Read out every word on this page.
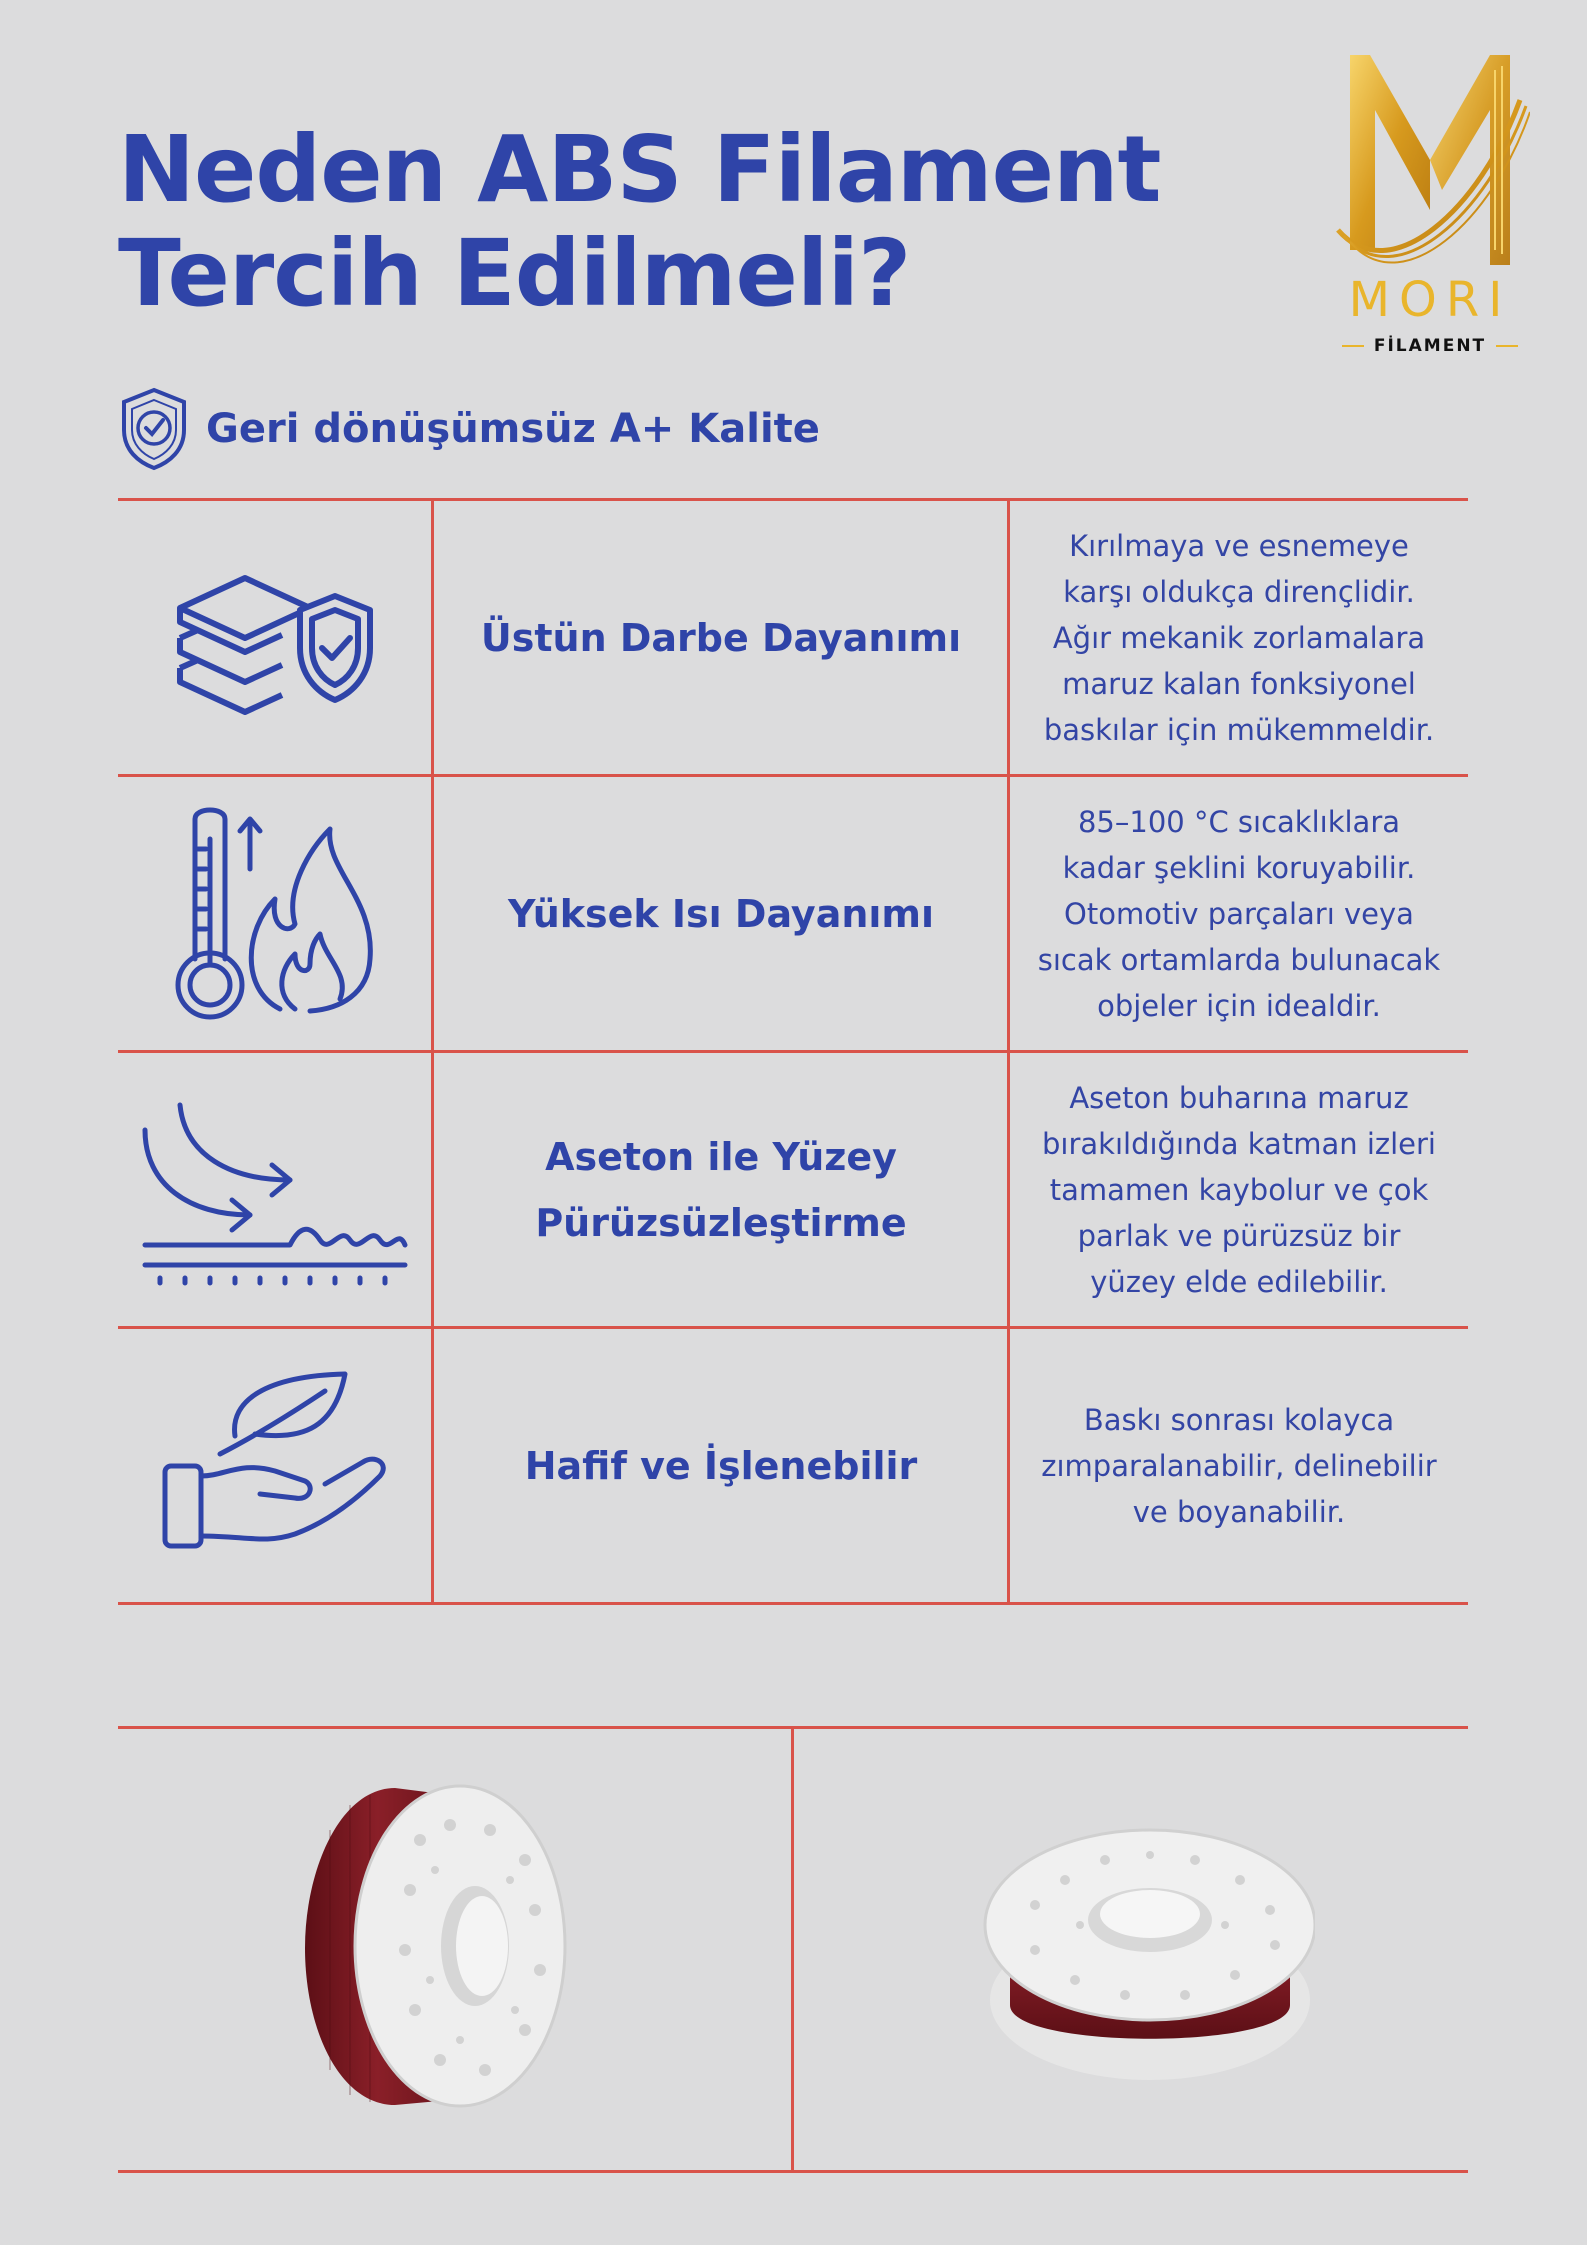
Neden ABS Filament
Tercih Edilmeli?	MORI
FİLAMENT
Geri dönüşümsüz A+ Kalite
Üstün Darbe Dayanımı
Kırılmaya ve esnemeye karşı oldukça dirençlidir. Ağır mekanik zorlamalara maruz kalan fonksiyonel baskılar için mükemmeldir.
Yüksek Isı Dayanımı
85–100 °C sıcaklıklara kadar şeklini koruyabilir. Otomotiv parçaları veya sıcak ortamlarda bulunacak objeler için idealdir.
Aseton ile Yüzey Pürüzsüzleştirme
Aseton buharına maruz bırakıldığında katman izleri tamamen kaybolur ve çok parlak ve pürüzsüz bir yüzey elde edilebilir.
Hafif ve İşlenebilir
Baskı sonrası kolayca zımparalanabilir, delinebilir ve boyanabilir.
